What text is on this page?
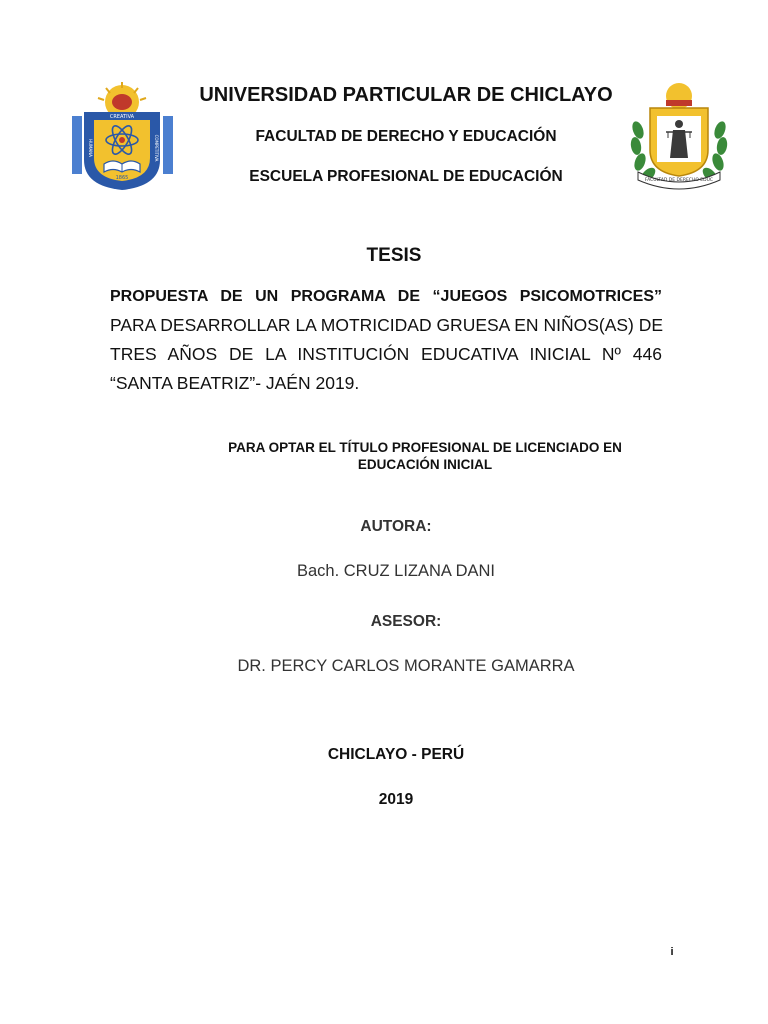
CREATIVA
1865
HUMANA	COMPETITIVA
FACULTAD DE DERECHO EDUC
UNIVERSIDAD PARTICULAR DE CHICLAYO
FACULTAD DE DERECHO Y EDUCACIÓN
ESCUELA PROFESIONAL DE EDUCACIÓN
TESIS
PROPUESTA DE UN PROGRAMA DE “JUEGOS PSICOMOTRICES”
PARA DESARROLLAR LA MOTRICIDAD GRUESA EN NIÑOS(AS) DE
TRES AÑOS DE LA INSTITUCIÓN EDUCATIVA INICIAL Nº 446
“SANTA BEATRIZ”- JAÉN 2019.
PARA OPTAR EL TÍTULO PROFESIONAL DE LICENCIADO EN
EDUCACIÓN INICIAL
AUTORA:
Bach. CRUZ LIZANA DANI
ASESOR:
DR. PERCY CARLOS MORANTE GAMARRA
CHICLAYO - PERÚ
2019
i
